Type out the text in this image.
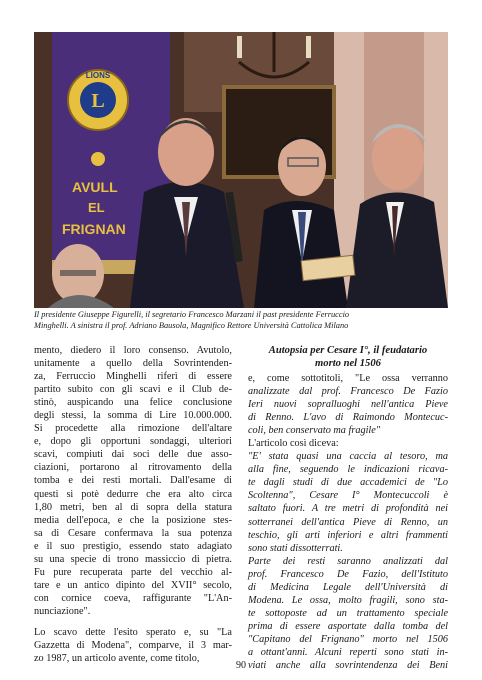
L
LIONS
AVULL
EL
FRIGNAN
Il presidente Giuseppe Figurelli, il segretario Francesco Marzani il past presidente Ferruccio
Minghelli. A sinistra il prof. Adriano Bausola, Magnifico Rettore Università Cattolica Milano

mento, diedero il loro consenso. Avutolo,
unitamente a quello della Sovrintenden-
za, Ferruccio Minghelli riferì di essere
partito subito con gli scavi e il Club de-
stinò, auspicando una felice conclusione
degli stessi, la somma di Lire 10.000.000.
Si procedette alla rimozione dell'altare
e, dopo gli opportuni sondaggi, ulteriori
scavi, compiuti dai soci delle due asso-
ciazioni, portarono al ritrovamento della
tomba e dei resti mortali. Dall'esame di
questi si potè dedurre che era alto circa
1,80 metri, ben al di sopra della statura
media dell'epoca, e che la posizione stes-
sa di Cesare confermava la sua potenza
e il suo prestigio, essendo stato adagiato
su una specie di trono massiccio di pietra.
Fu pure recuperata parte del vecchio al-
tare e un antico dipinto del XVII° secolo,
con cornice coeva, raffigurante "L'An-
nunciazione".

Lo scavo dette l'esito sperato e, su "La
Gazzetta di Modena", comparve, il 3 mar-
zo 1987, un articolo avente, come titolo,

Autopsia per Cesare I°, il feudatario
morto nel 1506

e, come sottotitoli, "Le ossa verranno
analizzate dal prof. Francesco De Fazio
Ieri nuovi sopralluoghi nell'antica Pieve
di Renno. L'avo di Raimondo Montecuc-
coli, ben conservato ma fragile"
L'articolo così diceva:
"E' stata quasi una caccia al tesoro, ma
alla fine, seguendo le indicazioni ricava-
te dagli studi di due accademici de "Lo
Scoltenna", Cesare I° Montecuccoli è
saltato fuori. A tre metri di profondità nei
sotterranei dell'antica Pieve di Renno, un
teschio, gli arti inferiori e altri frammenti
sono stati dissotterrati.
Parte dei resti saranno analizzati dal
prof. Francesco De Fazio, dell'Istituto
di Medicina Legale dell'Università di
Modena. Le ossa, molto fragili, sono sta-
te sottoposte ad un trattamento speciale
prima di essere asportate dalla tomba del
"Capitano del Frignano" morto nel 1506
a ottant'anni. Alcuni reperti sono stati in-
viati anche alla sovrintendenza dei Beni

90
